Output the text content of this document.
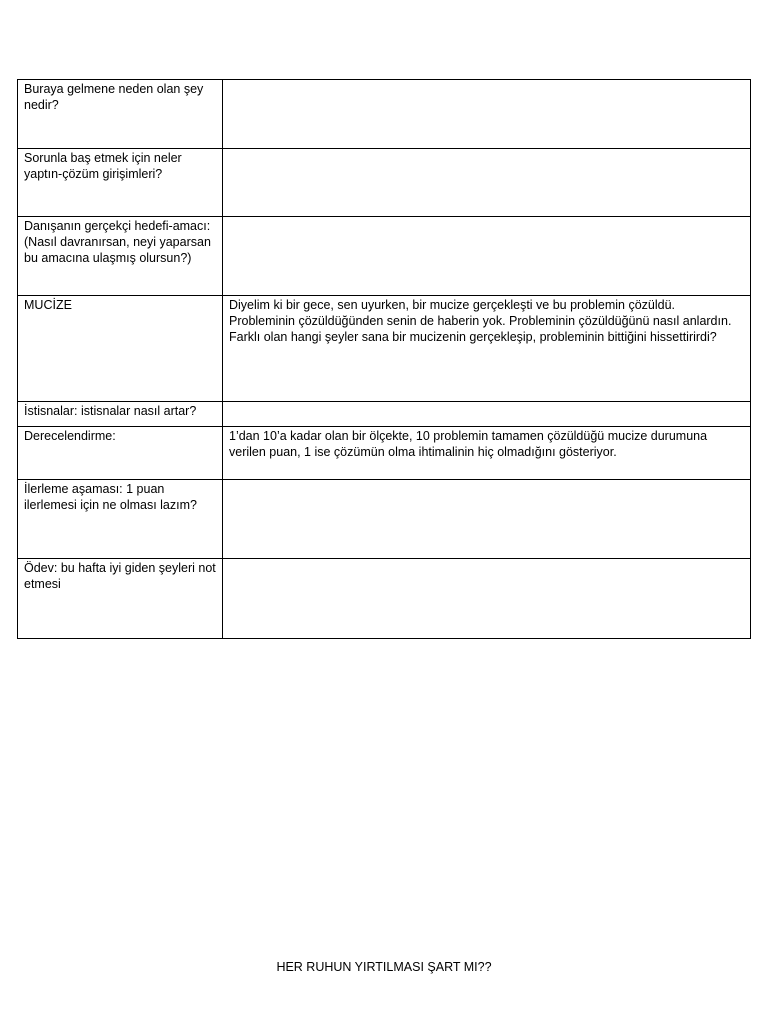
Buraya gelmene neden olan şey nedir?	
Sorunla baş etmek için neler yaptın-çözüm girişimleri?	
Danışanın gerçekçi hedefi-amacı: (Nasıl davranırsan, neyi yaparsan bu amacına ulaşmış olursun?)	
MUCİZE	Diyelim ki bir gece, sen uyurken, bir mucize gerçekleşti ve bu problemin çözüldü. Probleminin çözüldüğünden senin de haberin yok. Probleminin çözüldüğünü nasıl anlardın. Farklı olan hangi şeyler sana bir mucizenin gerçekleşip, probleminin bittiğini hissettirirdi?
İstisnalar: istisnalar nasıl artar?	
Derecelendirme:	1’dan 10’a kadar olan bir ölçekte, 10 problemin tamamen çözüldüğü mucize durumuna verilen puan, 1 ise çözümün olma ihtimalinin hiç olmadığını gösteriyor.
İlerleme aşaması: 1 puan ilerlemesi için ne olması lazım?	
Ödev: bu hafta iyi giden şeyleri not etmesi	
HER RUHUN YIRTILMASI ŞART MI??
